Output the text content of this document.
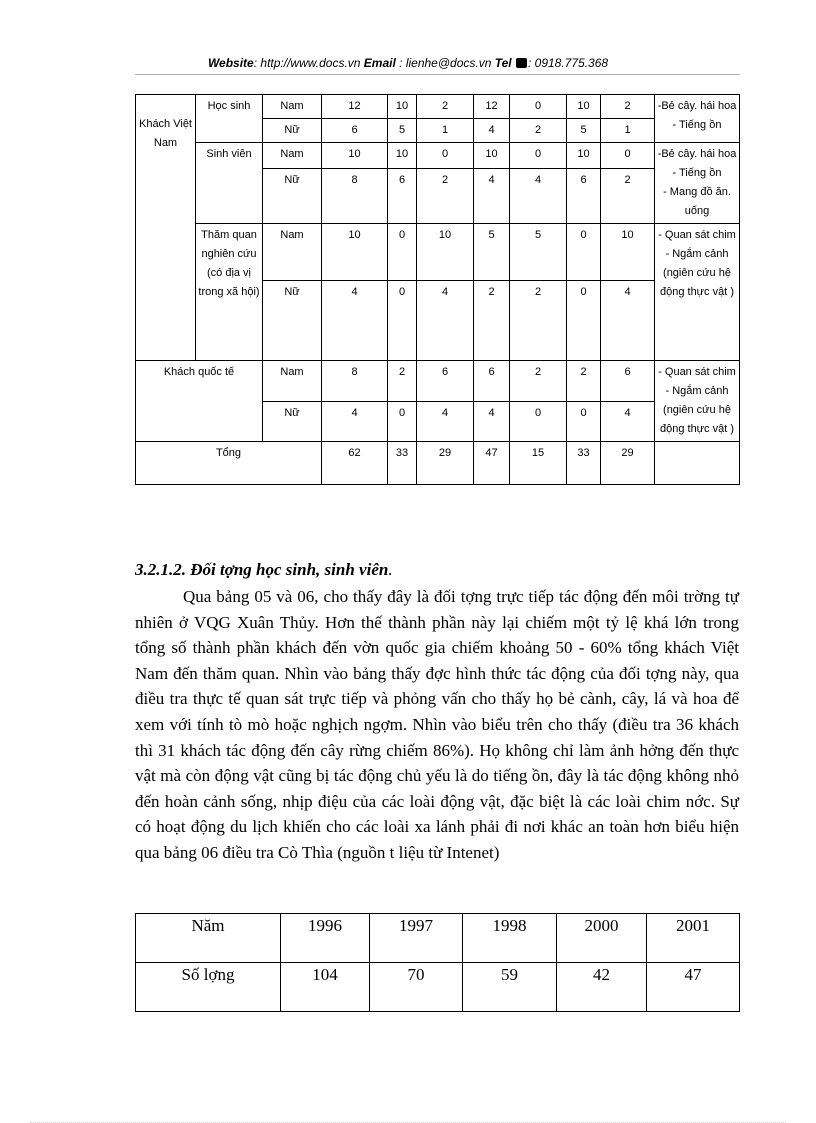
Website: http://www.docs.vn Email : lienhe@docs.vn Tel : 0918.775.368
Khách Việt Nam	Học sinh	Nam	12	10	2	12	0	10	2	-Bẻ cây. hái hoa
- Tiếng ồn

		Nữ	6	5	1	4	2	5	1	
	Sinh viên	Nam	10	10	0	10	0	10	0	-Bẻ cây. hái hoa
- Tiếng ồn
- Mang đồ ăn. uống

		Nữ	8	6	2	4	4	6	2	
	Thăm quan nghiên cứu (có địa vị trong xã hội)	Nam	10	0	10	5	5	0	10	- Quan sát chim
- Ngắm cảnh (ngiên cứu hệ động thực vật )

		Nữ	4	0	4	2	2	0	4	
Khách quốc tế		Nam	8	2	6	6	2	2	6	- Quan sát chim
- Ngắm cảnh (ngiên cứu hệ động thực vật )

		Nữ	4	0	4	4	0	0	4	
Tổng			62	33	29	47	15	33	29	
3.2.1.2. Đối tợng học sinh, sinh viên.
Qua bảng 05 và 06, cho thấy đây là đối tợng trực tiếp tác động đến môi trờng tự nhiên ở VQG Xuân Thủy. Hơn thế thành phần này lại chiếm một tỷ lệ khá lớn trong tổng số thành phần khách đến vờn quốc gia chiếm khoảng 50 - 60% tổng khách Việt Nam đến thăm quan. Nhìn vào bảng thấy đợc hình thức tác động của đối tợng này, qua điều tra thực tế quan sát trực tiếp và phỏng vấn cho thấy họ bẻ cành, cây, lá và hoa để xem với tính tò mò hoặc nghịch ngợm. Nhìn vào biểu trên cho thấy (điều tra 36 khách thì 31 khách tác động đến cây rừng chiếm 86%). Họ không chỉ làm ảnh hởng đến thực vật mà còn động vật cũng bị tác động chủ yếu là do tiếng ồn, đây là tác động không nhỏ đến hoàn cảnh sống, nhịp điệu của các loài động vật, đặc biệt là các loài chim nớc. Sự có hoạt động du lịch khiến cho các loài xa lánh phải đi nơi khác an toàn hơn biểu hiện qua bảng 06 điều tra Cò Thìa (nguồn t liệu từ Intenet)
Năm	1996	1997	1998	2000	2001
Số lợng	104	70	59	42	47
